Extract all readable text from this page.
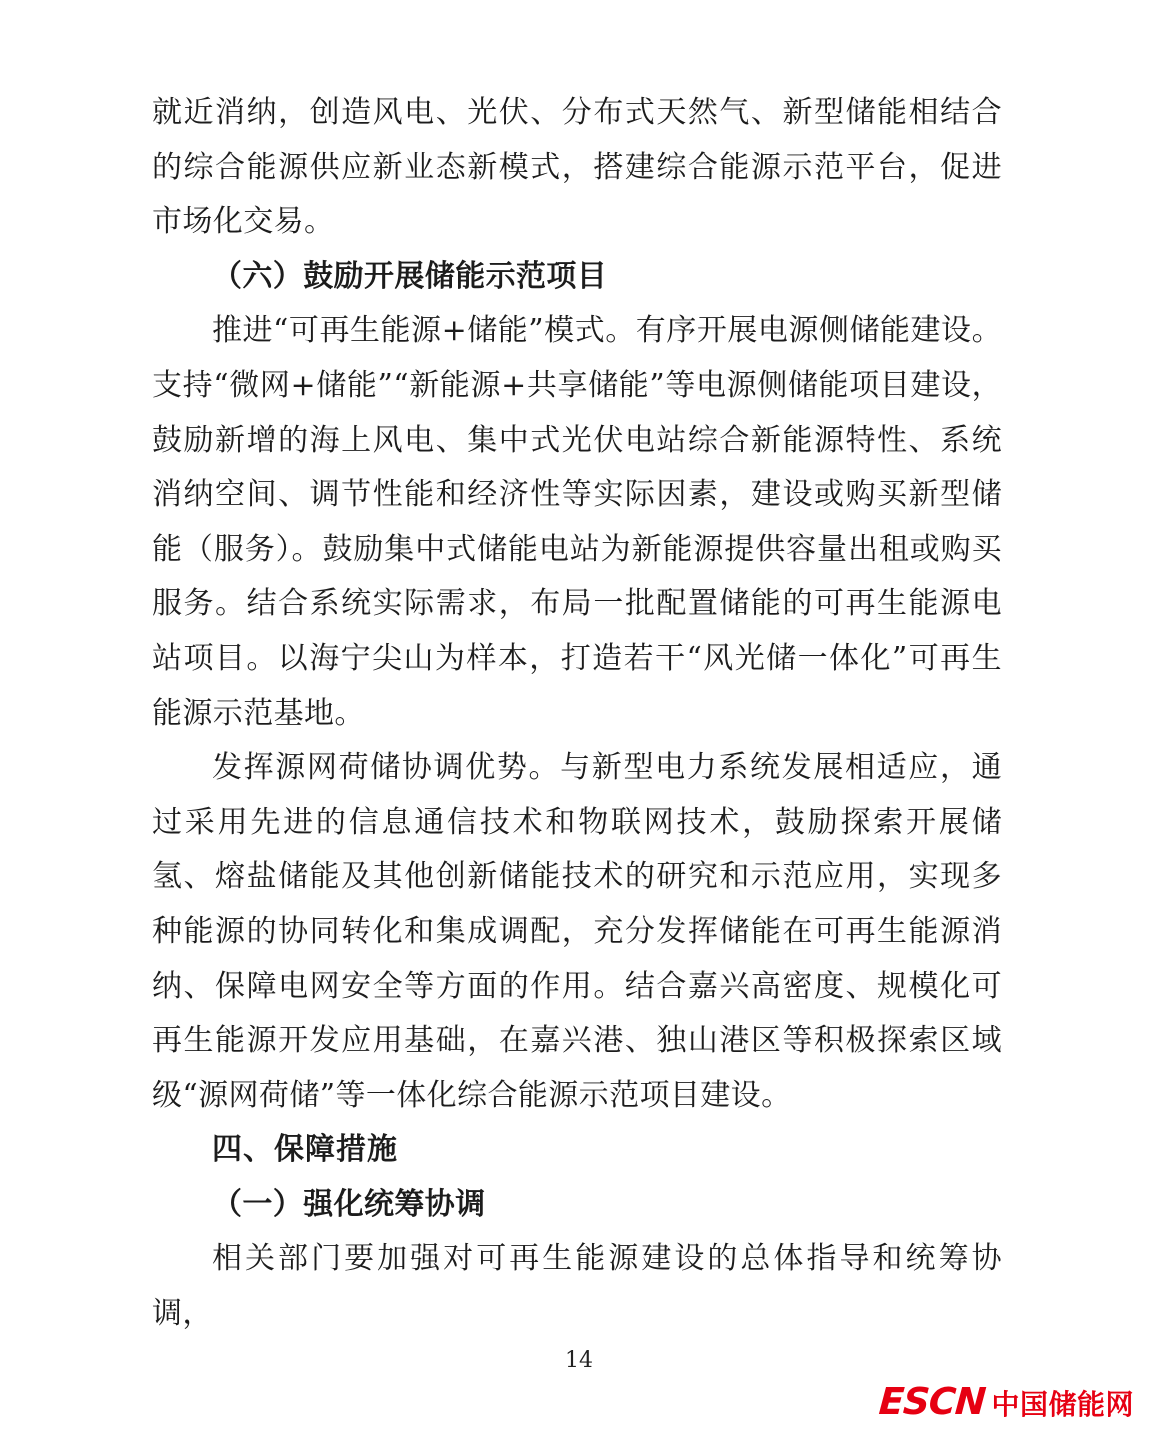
就近消纳，创造风电、光伏、分布式天然气、新型储能相结合的综合能源供应新业态新模式，搭建综合能源示范平台，促进市场化交易。

（六）鼓励开展储能示范项目

推进“可再生能源+储能”模式。有序开展电源侧储能建设。支持“微网+储能”“新能源+共享储能”等电源侧储能项目建设，鼓励新增的海上风电、集中式光伏电站综合新能源特性、系统消纳空间、调节性能和经济性等实际因素，建设或购买新型储能（服务）。鼓励集中式储能电站为新能源提供容量出租或购买服务。结合系统实际需求，布局一批配置储能的可再生能源电站项目。以海宁尖山为样本，打造若干“风光储一体化”可再生能源示范基地。

发挥源网荷储协调优势。与新型电力系统发展相适应，通过采用先进的信息通信技术和物联网技术，鼓励探索开展储氢、熔盐储能及其他创新储能技术的研究和示范应用，实现多种能源的协同转化和集成调配，充分发挥储能在可再生能源消纳、保障电网安全等方面的作用。结合嘉兴高密度、规模化可再生能源开发应用基础，在嘉兴港、独山港区等积极探索区域级“源网荷储”等一体化综合能源示范项目建设。

四、保障措施

（一）强化统筹协调

相关部门要加强对可再生能源建设的总体指导和统筹协调，

14
ESCN 中国储能网
